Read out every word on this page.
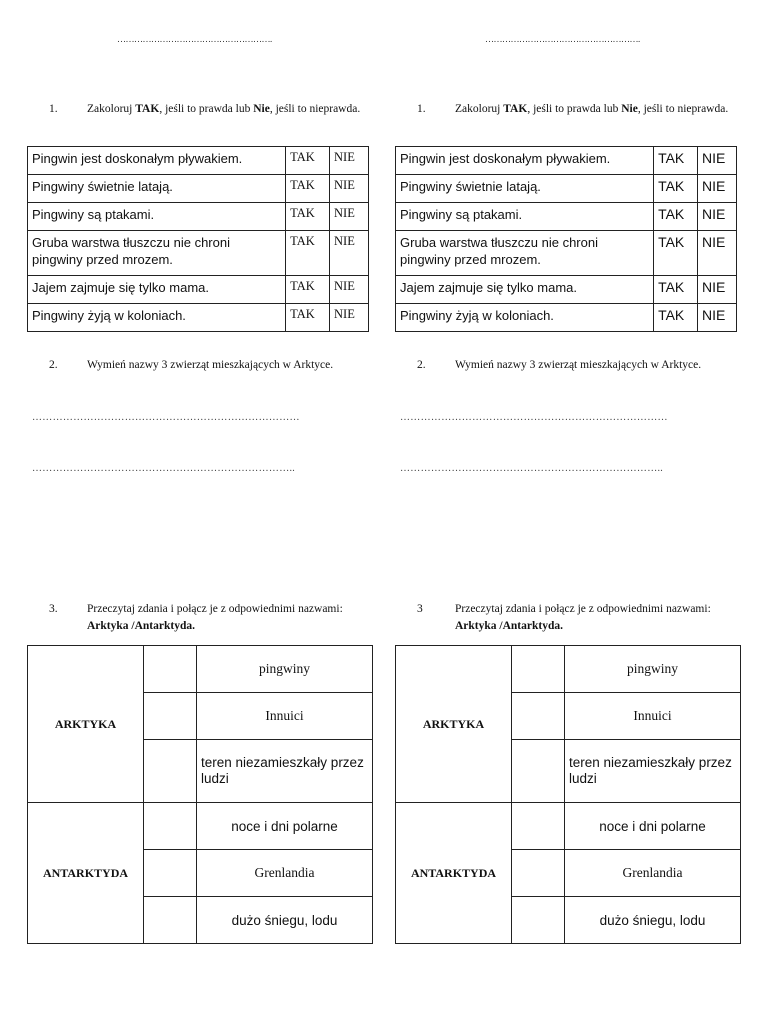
……………………………………………….
1.	Zakoloruj TAK, jeśli to prawda lub Nie, jeśli to nieprawda.
Pingwin jest doskonałym pływakiem.	TAK	NIE
Pingwiny świetnie latają.	TAK	NIE
Pingwiny są ptakami.	TAK	NIE
Gruba warstwa tłuszczu nie chroni pingwiny przed mrozem.	TAK	NIE
Jajem zajmuje się tylko mama.	TAK	NIE
Pingwiny żyją w koloniach.	TAK	NIE
2.	Wymień nazwy 3 zwierząt mieszkających w Arktyce.
……………………………………………………………………
…………………………………………………………………..
3.	Przeczytaj zdania i połącz je z odpowiednimi nazwami:
Arktyka /Antarktyda.
ARKTYKA		pingwiny
		Innuici
		teren niezamieszkały przez ludzi
ANTARKTYDA		noce i dni polarne
		Grenlandia
		dużo śniegu, lodu
……………………………………………….
1.	Zakoloruj TAK, jeśli to prawda lub Nie, jeśli to nieprawda.
Pingwin jest doskonałym pływakiem.	TAK	NIE
Pingwiny świetnie latają.	TAK	NIE
Pingwiny są ptakami.	TAK	NIE
Gruba warstwa tłuszczu nie chroni pingwiny przed mrozem.	TAK	NIE
Jajem zajmuje się tylko mama.	TAK	NIE
Pingwiny żyją w koloniach.	TAK	NIE
2.	Wymień nazwy 3 zwierząt mieszkających w Arktyce.
……………………………………………………………………
…………………………………………………………………..
3	Przeczytaj zdania i połącz je z odpowiednimi nazwami:
Arktyka /Antarktyda.
ARKTYKA		pingwiny
		Innuici
		teren niezamieszkały przez ludzi
ANTARKTYDA		noce i dni polarne
		Grenlandia
		dużo śniegu, lodu
